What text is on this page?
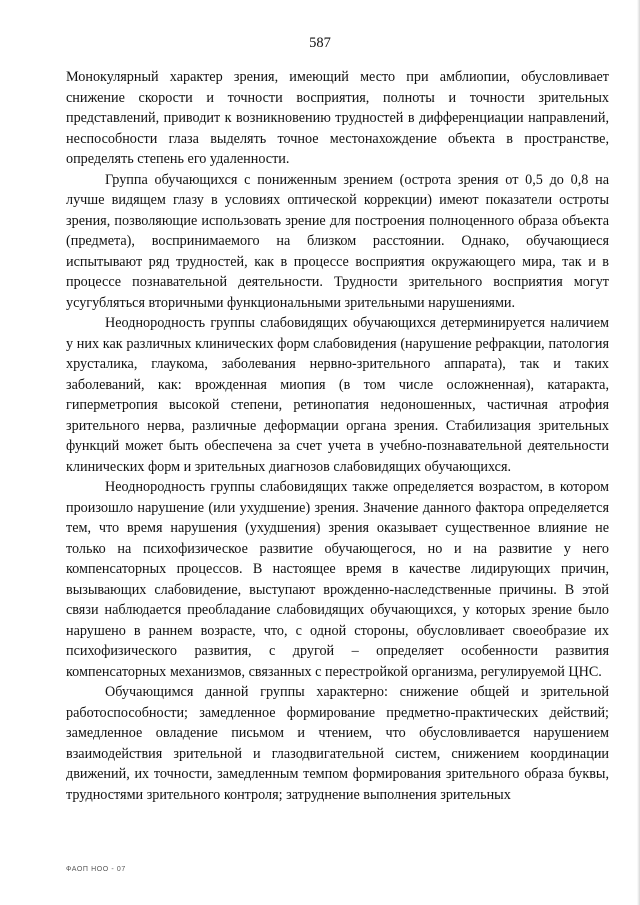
587

Монокулярный характер зрения, имеющий место при амблиопии, обусловливает снижение скорости и точности восприятия, полноты и точности зрительных представлений, приводит к возникновению трудностей в дифференциации направлений, неспособности глаза выделять точное местонахождение объекта в пространстве, определять степень его удаленности.

Группа обучающихся с пониженным зрением (острота зрения от 0,5 до 0,8 на лучше видящем глазу в условиях оптической коррекции) имеют показатели остроты зрения, позволяющие использовать зрение для построения полноценного образа объекта (предмета), воспринимаемого на близком расстоянии. Однако, обучающиеся испытывают ряд трудностей, как в процессе восприятия окружающего мира, так и в процессе познавательной деятельности. Трудности зрительного восприятия могут усугубляться вторичными функциональными зрительными нарушениями.

Неоднородность группы слабовидящих обучающихся детерминируется наличием у них как различных клинических форм слабовидения (нарушение рефракции, патология хрусталика, глаукома, заболевания нервно-зрительного аппарата), так и таких заболеваний, как: врожденная миопия (в том числе осложненная), катаракта, гиперметропия высокой степени, ретинопатия недоношенных, частичная атрофия зрительного нерва, различные деформации органа зрения. Стабилизация зрительных функций может быть обеспечена за счет учета в учебно-познавательной деятельности клинических форм и зрительных диагнозов слабовидящих обучающихся.

Неоднородность группы слабовидящих также определяется возрастом, в котором произошло нарушение (или ухудшение) зрения. Значение данного фактора определяется тем, что время нарушения (ухудшения) зрения оказывает существенное влияние не только на психофизическое развитие обучающегося, но и на развитие у него компенсаторных процессов. В настоящее время в качестве лидирующих причин, вызывающих слабовидение, выступают врожденно-наследственные причины. В этой связи наблюдается преобладание слабовидящих обучающихся, у которых зрение было нарушено в раннем возрасте, что, с одной стороны, обусловливает своеобразие их психофизического развития, с другой – определяет особенности развития компенсаторных механизмов, связанных с перестройкой организма, регулируемой ЦНС.

Обучающимся данной группы характерно: снижение общей и зрительной работоспособности; замедленное формирование предметно-практических действий; замедленное овладение письмом и чтением, что обусловливается нарушением взаимодействия зрительной и глазодвигательной систем, снижением координации движений, их точности, замедленным темпом формирования зрительного образа буквы, трудностями зрительного контроля; затруднение выполнения зрительных

ФАОП НОО - 07
